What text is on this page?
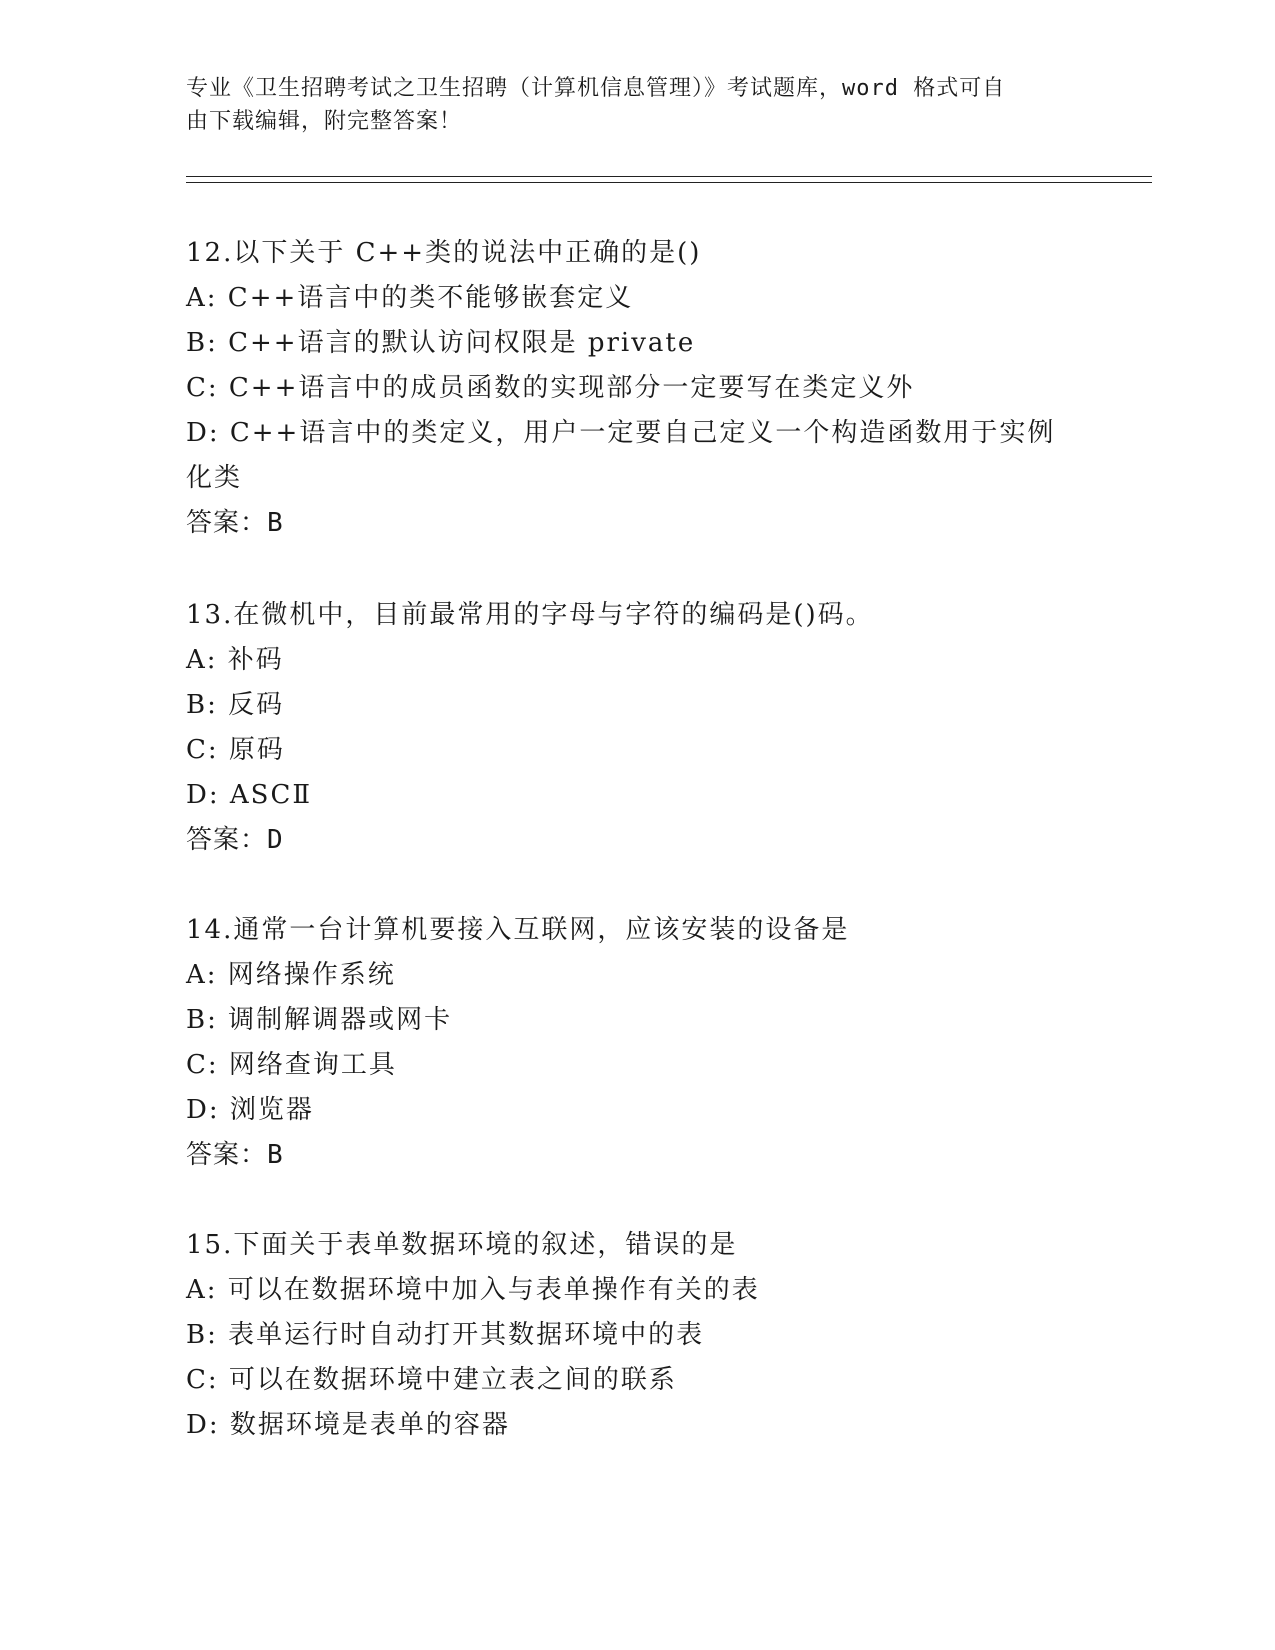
专业《卫生招聘考试之卫生招聘（计算机信息管理）》考试题库，word 格式可自
由下载编辑，附完整答案！
12.以下关于 C++类的说法中正确的是()
A: C++语言中的类不能够嵌套定义
B: C++语言的默认访问权限是 private
C: C++语言中的成员函数的实现部分一定要写在类定义外
D: C++语言中的类定义，用户一定要自己定义一个构造函数用于实例化类
答案：B
13.在微机中，目前最常用的字母与字符的编码是()码。
A: 补码
B: 反码
C: 原码
D: ASCⅡ
答案：D
14.通常一台计算机要接入互联网，应该安装的设备是
A: 网络操作系统
B: 调制解调器或网卡
C: 网络查询工具
D: 浏览器
答案：B
15.下面关于表单数据环境的叙述，错误的是
A: 可以在数据环境中加入与表单操作有关的表
B: 表单运行时自动打开其数据环境中的表
C: 可以在数据环境中建立表之间的联系
D: 数据环境是表单的容器
